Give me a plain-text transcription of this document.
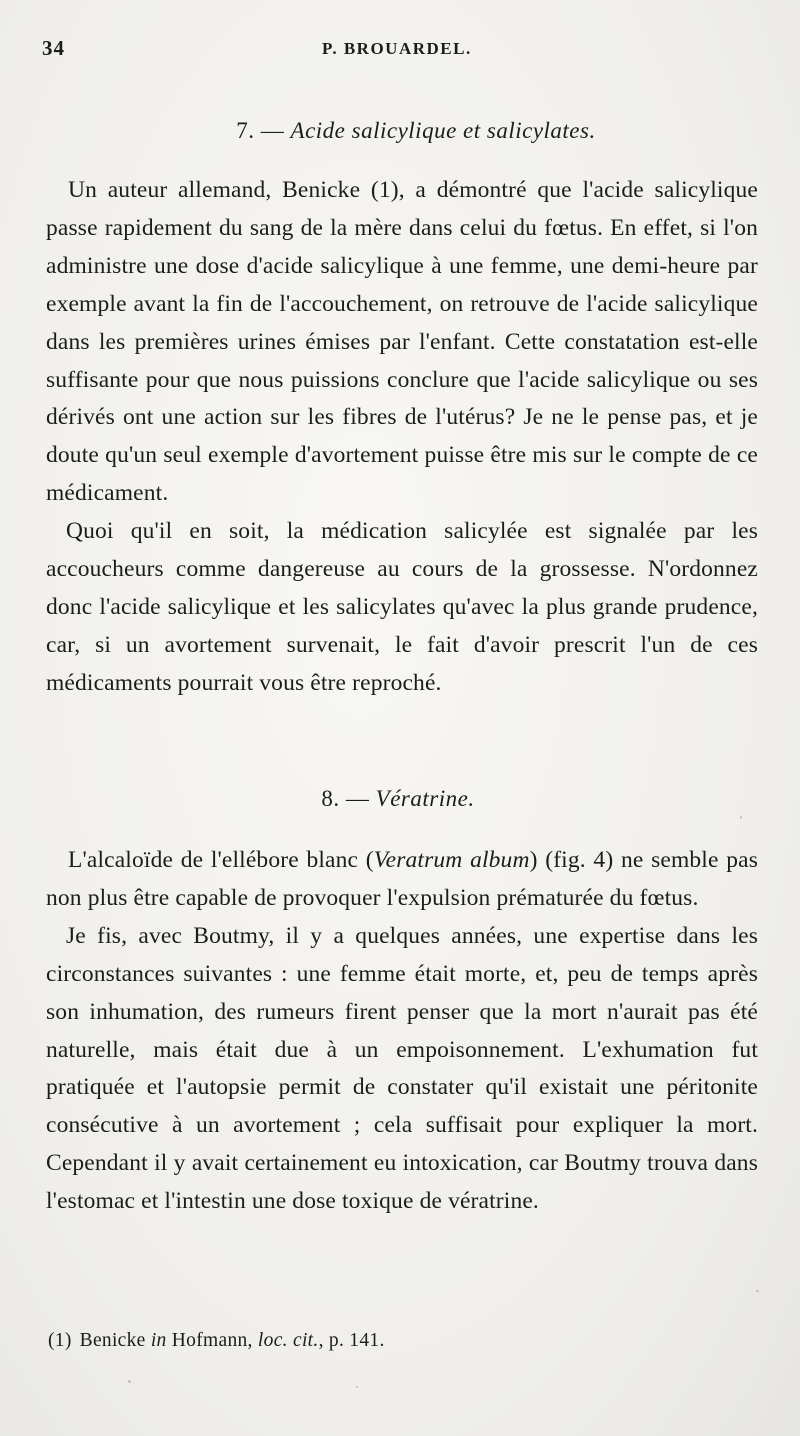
34	P. BROUARDEL.
7. — Acide salicylique et salicylates.

Un auteur allemand, Benicke (1), a démontré que l'acide salicylique passe rapidement du sang de la mère dans celui du fœtus. En effet, si l'on administre une dose d'acide salicylique à une femme, une demi-heure par exemple avant la fin de l'accouchement, on retrouve de l'acide salicylique dans les premières urines émises par l'enfant. Cette constatation est-elle suffisante pour que nous puissions conclure que l'acide salicylique ou ses dérivés ont une action sur les fibres de l'utérus? Je ne le pense pas, et je doute qu'un seul exemple d'avortement puisse être mis sur le compte de ce médicament.

Quoi qu'il en soit, la médication salicylée est signalée par les accoucheurs comme dangereuse au cours de la grossesse. N'ordonnez donc l'acide salicylique et les salicylates qu'avec la plus grande prudence, car, si un avortement survenait, le fait d'avoir prescrit l'un de ces médicaments pourrait vous être reproché.

8. — Vératrine.

L'alcaloïde de l'ellébore blanc (Veratrum album) (fig. 4) ne semble pas non plus être capable de provoquer l'expulsion prématurée du fœtus.

Je fis, avec Boutmy, il y a quelques années, une expertise dans les circonstances suivantes : une femme était morte, et, peu de temps après son inhumation, des rumeurs firent penser que la mort n'aurait pas été naturelle, mais était due à un empoisonnement. L'exhumation fut pratiquée et l'autopsie permit de constater qu'il existait une péritonite consécutive à un avortement ; cela suffisait pour expliquer la mort. Cependant il y avait certainement eu intoxication, car Boutmy trouva dans l'estomac et l'intestin une dose toxique de vératrine.

(1) Benicke in Hofmann, loc. cit., p. 141.
